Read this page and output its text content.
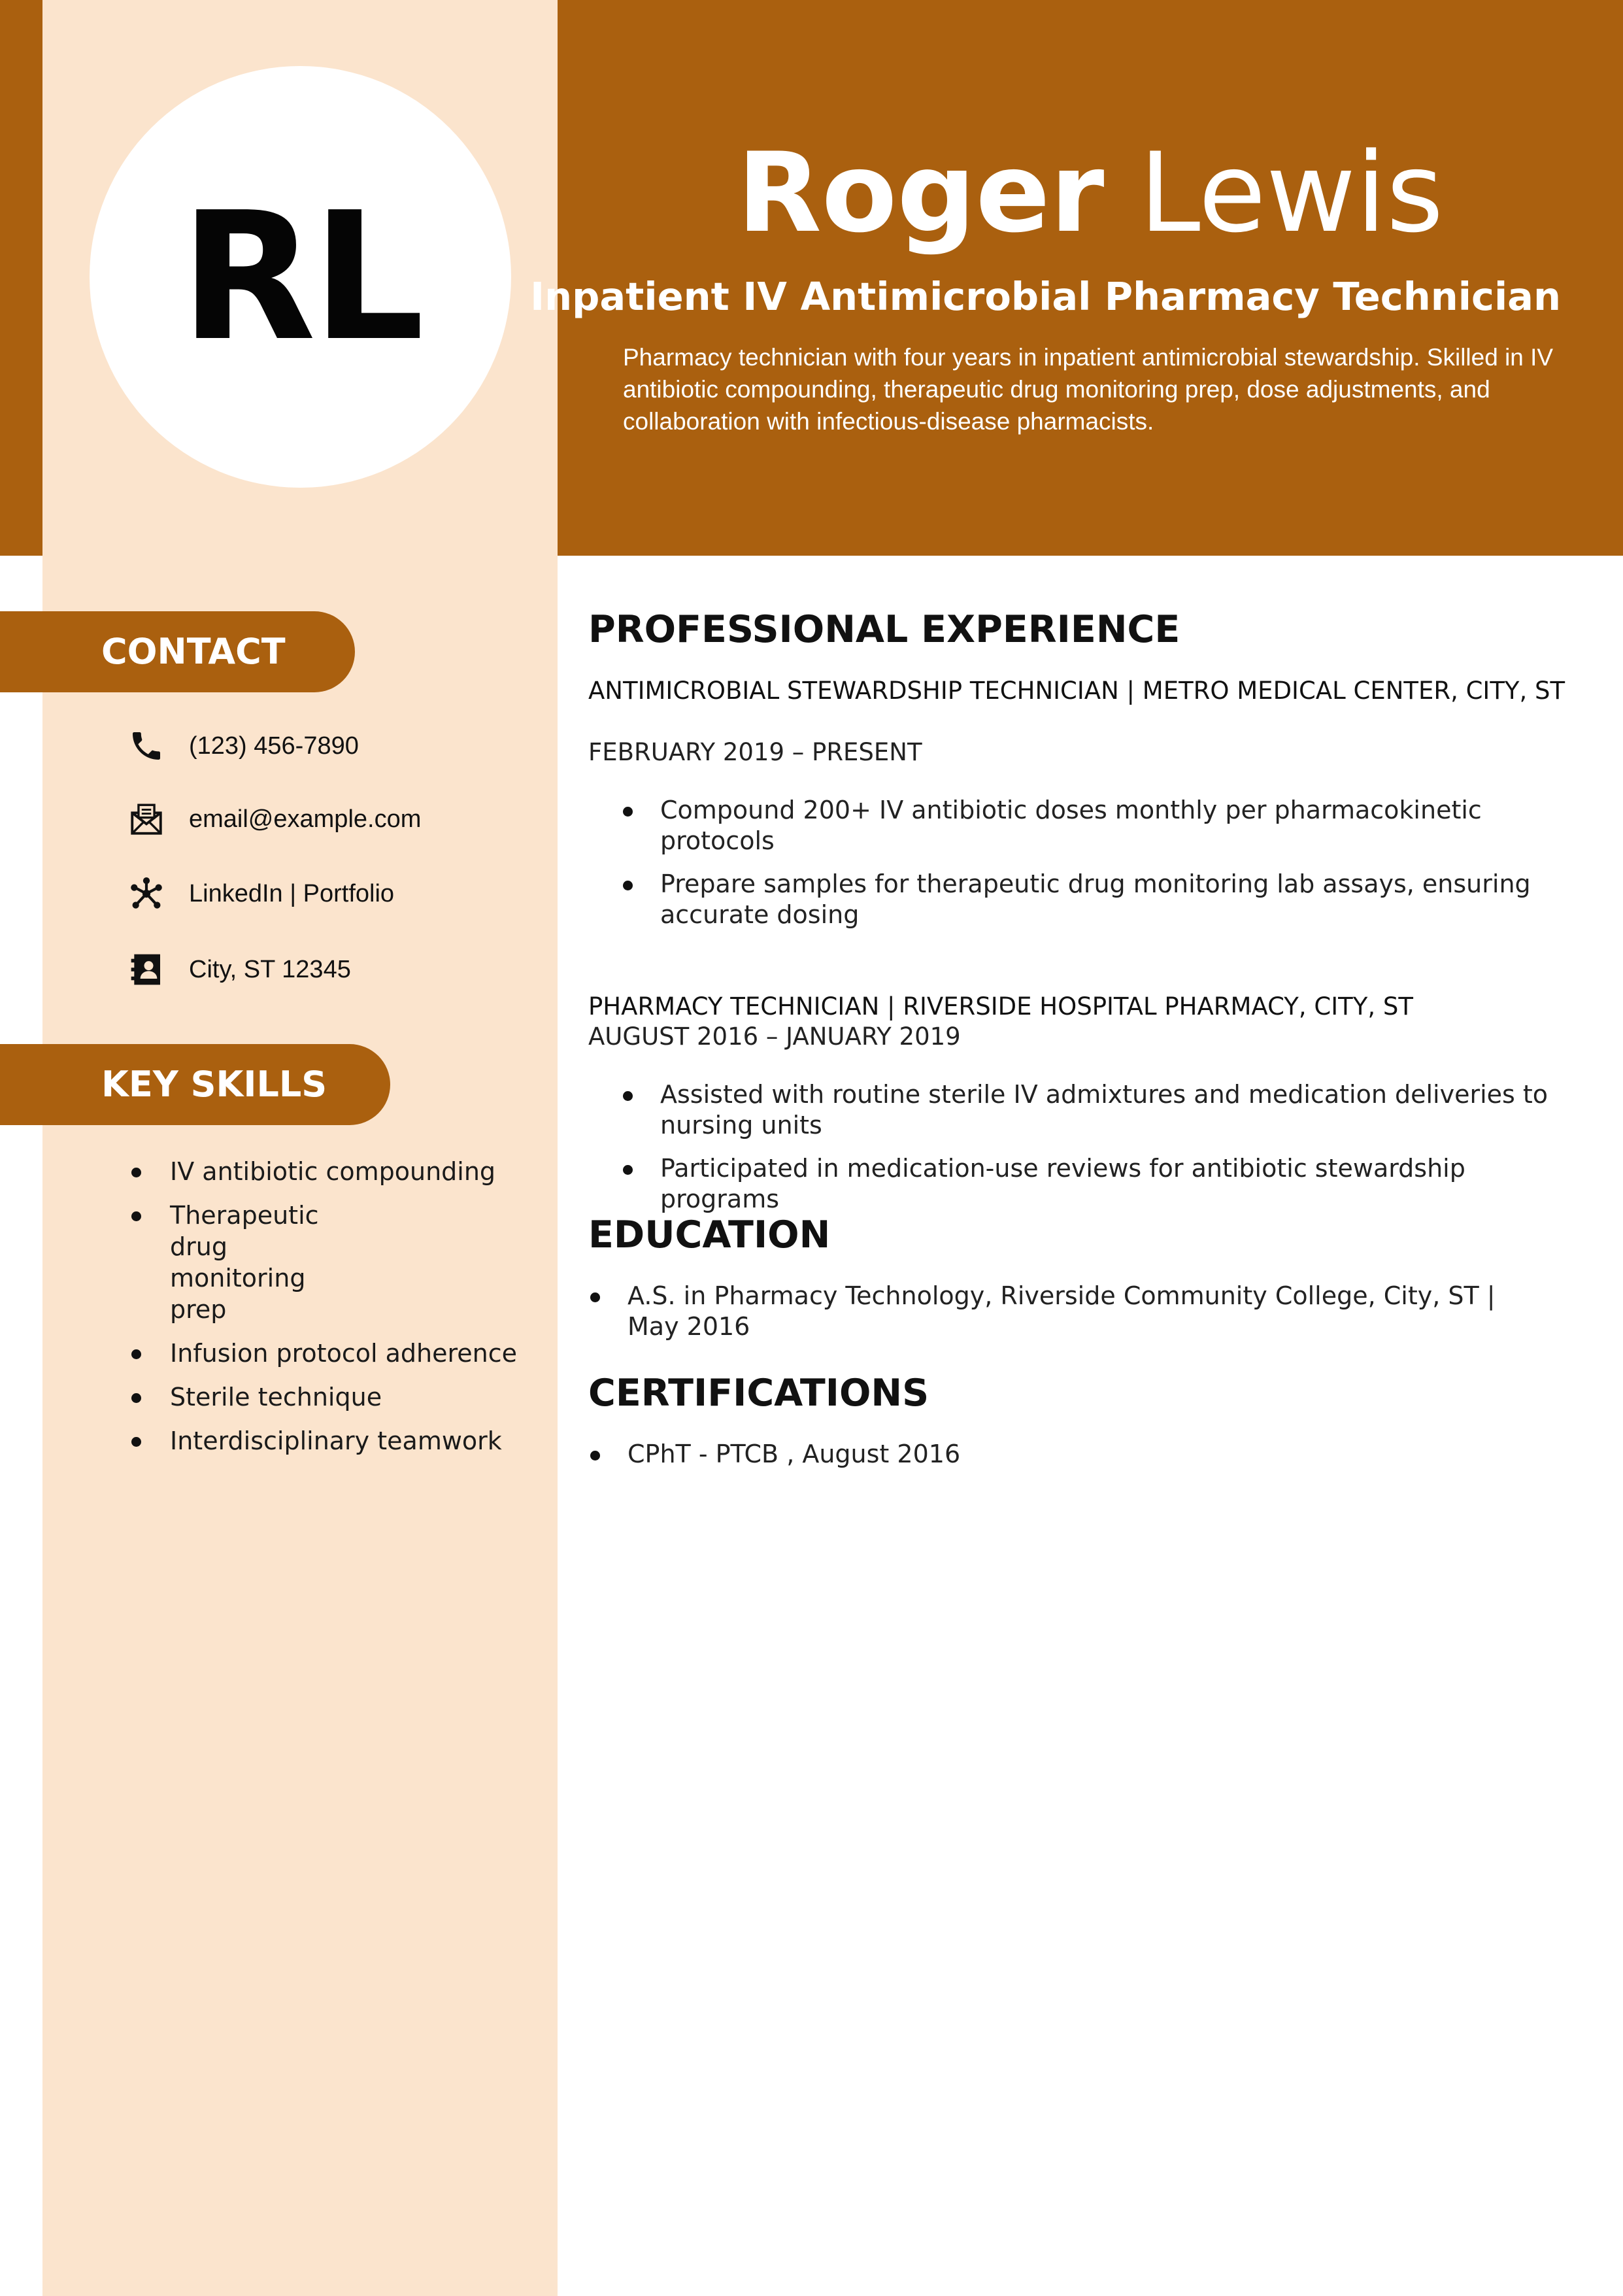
RL	Roger Lewis
Inpatient IV Antimicrobial Pharmacy Technician
Pharmacy technician with four years in inpatient antimicrobial stewardship. Skilled in IV antibiotic compounding, therapeutic drug monitoring prep, dose adjustments, and collaboration with infectious-disease pharmacists.
CONTACT
(123) 456-7890
email@example.com
LinkedIn | Portfolio
City, ST 12345
KEY SKILLS
IV antibiotic compounding
Therapeutic drug monitoring prep
Infusion protocol adherence
Sterile technique
Interdisciplinary teamwork
PROFESSIONAL EXPERIENCE
ANTIMICROBIAL STEWARDSHIP TECHNICIAN | METRO MEDICAL CENTER, CITY, ST
FEBRUARY 2019 – PRESENT
Compound 200+ IV antibiotic doses monthly per pharmacokinetic protocols
Prepare samples for therapeutic drug monitoring lab assays, ensuring accurate dosing
PHARMACY TECHNICIAN | RIVERSIDE HOSPITAL PHARMACY, CITY, ST
AUGUST 2016 – JANUARY 2019
Assisted with routine sterile IV admixtures and medication deliveries to nursing units
Participated in medication-use reviews for antibiotic stewardship programs
EDUCATION
A.S. in Pharmacy Technology, Riverside Community College, City, ST | May 2016
CERTIFICATIONS
CPhT - PTCB , August 2016
